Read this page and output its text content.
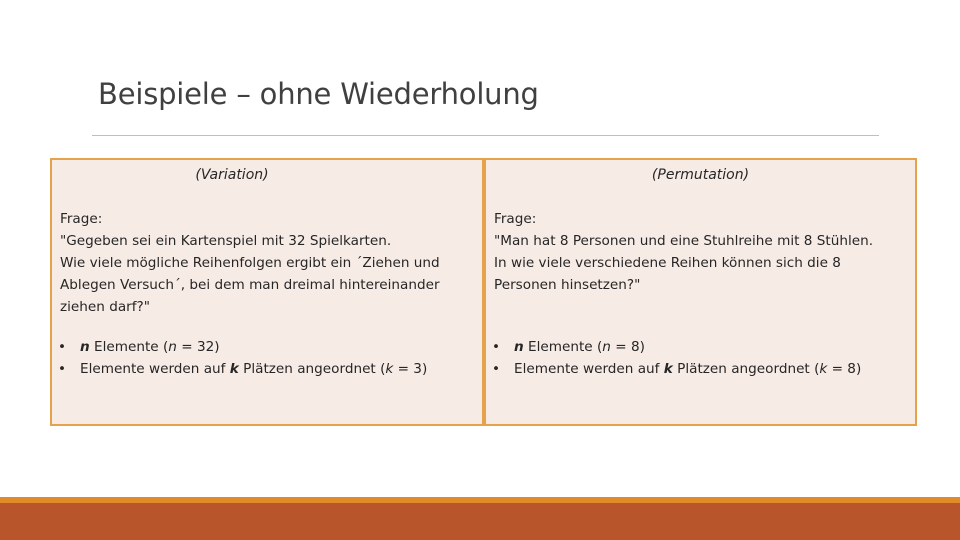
Beispiele – ohne Wiederholung
(Variation)
Frage:
"Gegeben sei ein Kartenspiel mit 32 Spielkarten.
Wie viele mögliche Reihenfolgen ergibt ein ´Ziehen und
Ablegen Versuch´, bei dem man dreimal hintereinander
ziehen darf?"
• n Elemente (n = 32)
• Elemente werden auf k Plätzen angeordnet (k = 3)
(Permutation)
Frage:
"Man hat 8 Personen und eine Stuhlreihe mit 8 Stühlen.
In wie viele verschiedene Reihen können sich die 8
Personen hinsetzen?"
• n Elemente (n = 8)
• Elemente werden auf k Plätzen angeordnet (k = 8)
